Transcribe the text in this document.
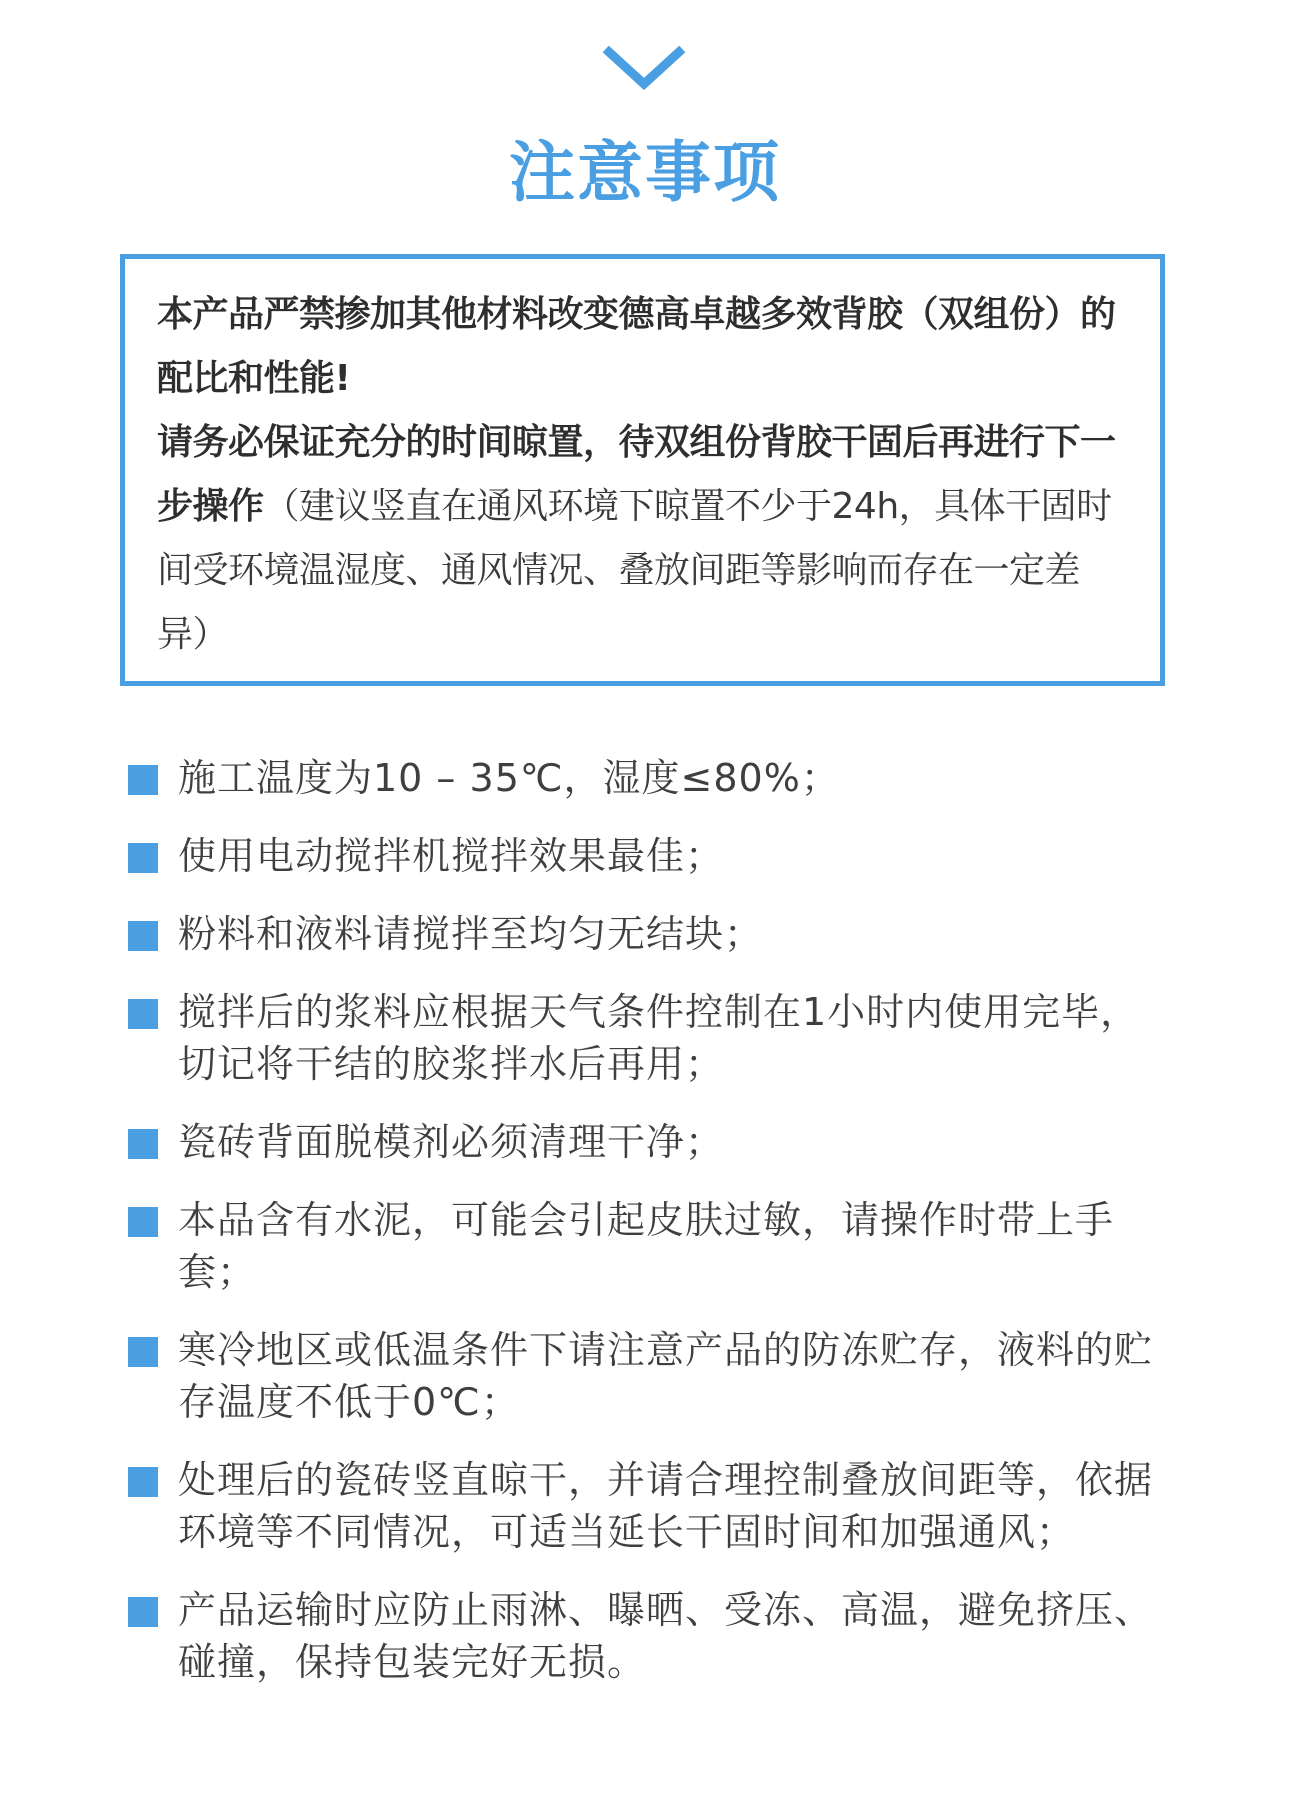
注意事项
本产品严禁掺加其他材料改变德高卓越多效背胶（双组份）的配比和性能!
请务必保证充分的时间晾置，待双组份背胶干固后再进行下一步操作（建议竖直在通风环境下晾置不少于24h，具体干固时间受环境温湿度、通风情况、叠放间距等影响而存在一定差异）
施工温度为10 – 35℃，湿度≤80%；
使用电动搅拌机搅拌效果最佳；
粉料和液料请搅拌至均匀无结块；
搅拌后的浆料应根据天气条件控制在1小时内使用完毕，切记将干结的胶浆拌水后再用；
瓷砖背面脱模剂必须清理干净；
本品含有水泥，可能会引起皮肤过敏，请操作时带上手套；
寒冷地区或低温条件下请注意产品的防冻贮存，液料的贮存温度不低于0℃；
处理后的瓷砖竖直晾干，并请合理控制叠放间距等，依据环境等不同情况，可适当延长干固时间和加强通风；
产品运输时应防止雨淋、曝晒、受冻、高温，避免挤压、碰撞，保持包装完好无损。
